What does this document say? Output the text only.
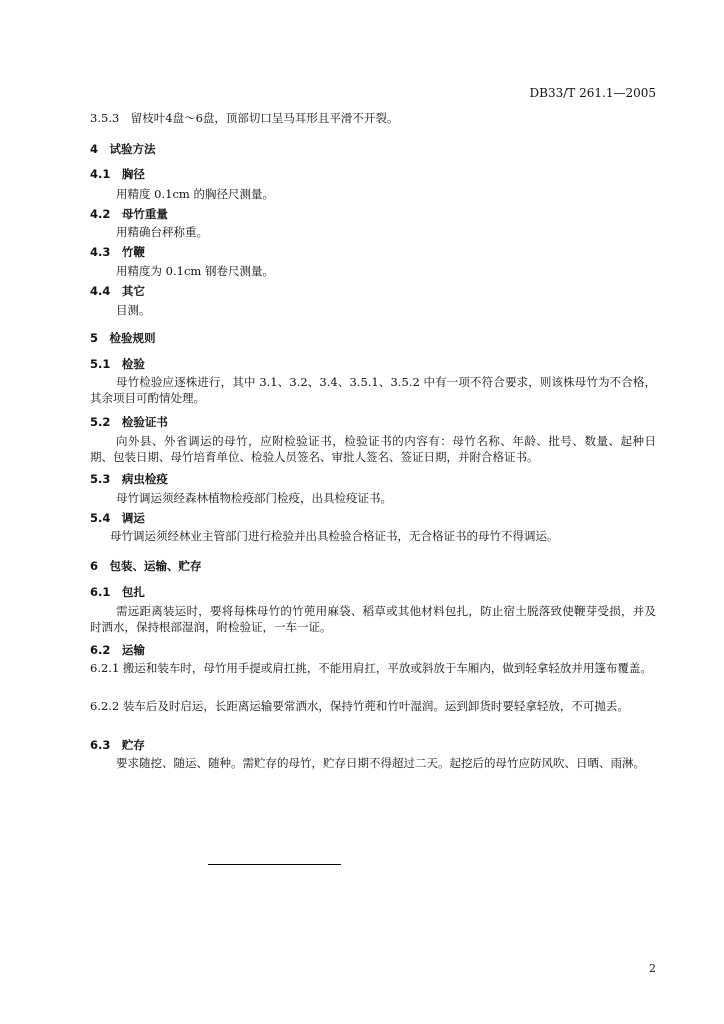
DB33/T 261.1—2005

3.5.3　留枝叶4盘～6盘，顶部切口呈马耳形且平滑不开裂。

4　试验方法

4.1　胸径

用精度 0.1cm 的胸径尺测量。

4.2　母竹重量

用精确台秤称重。

4.3　竹鞭

用精度为 0.1cm 钢卷尺测量。

4.4　其它

目测。

5　检验规则

5.1　检验

母竹检验应逐株进行，其中 3.1、3.2、3.4、3.5.1、3.5.2 中有一项不符合要求，则该株母竹为不合格，其余项目可酌情处理。

5.2　检验证书

向外县、外省调运的母竹，应附检验证书，检验证书的内容有：母竹名称、年龄、批号、数量、起种日期、包装日期、母竹培育单位、检验人员签名、审批人签名、签证日期，并附合格证书。

5.3　病虫检疫

母竹调运须经森林植物检疫部门检疫，出具检疫证书。

5.4　调运

母竹调运须经林业主管部门进行检验并出具检验合格证书，无合格证书的母竹不得调运。

6　包装、运输、贮存

6.1　包扎

需远距离装运时，要将每株母竹的竹蔸用麻袋、稻草或其他材料包扎，防止宿土脱落致使鞭芽受损，并及时洒水，保持根部湿润，附检验证，一车一证。

6.2　运输

6.2.1 搬运和装车时，母竹用手提或肩扛挑，不能用肩扛，平放或斜放于车厢内，做到轻拿轻放并用篷布覆盖。

6.2.2 装车后及时启运，长距离运输要常洒水，保持竹蔸和竹叶湿润。运到卸货时要轻拿轻放，不可抛丢。

6.3　贮存

要求随挖、随运、随种。需贮存的母竹，贮存日期不得超过二天。起挖后的母竹应防风吹、日晒、雨淋。

2
